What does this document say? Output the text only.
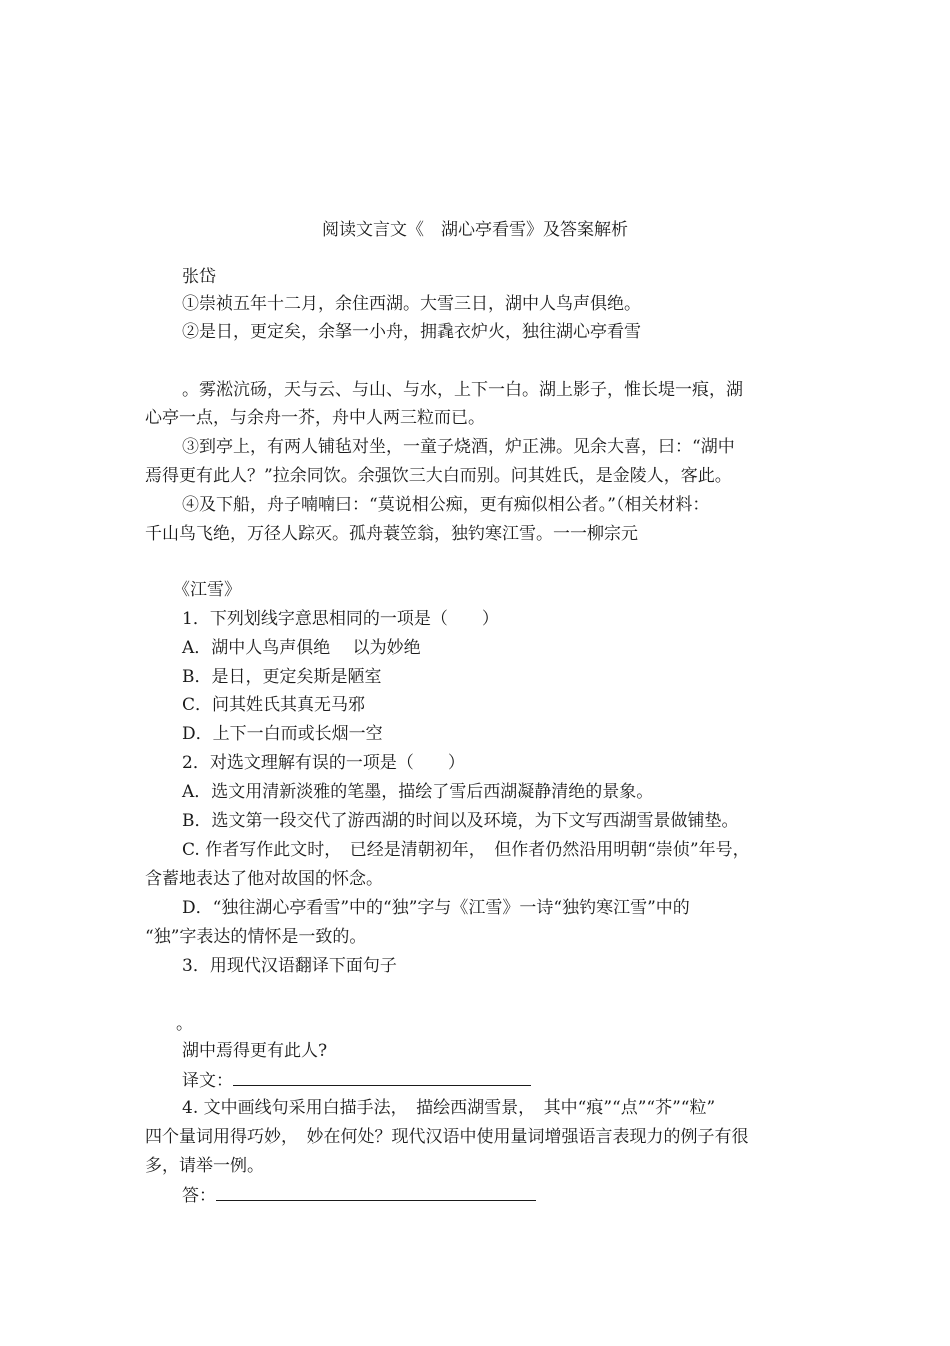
阅读文言文《　湖心亭看雪》及答案解析
张岱
①崇祯五年十二月，余住西湖。大雪三日，湖中人鸟声俱绝。
②是日，更定矣，余拏一小舟，拥毳衣炉火，独往湖心亭看雪
。雾淞沆砀，天与云、与山、与水，上下一白。湖上影子，惟长堤一痕，湖
心亭一点，与余舟一芥，舟中人两三粒而已。
③到亭上，有两人铺毡对坐，一童子烧酒，炉正沸。见余大喜，曰：“湖中
焉得更有此人？”拉余同饮。余强饮三大白而别。问其姓氏，是金陵人，客此。
④及下船，舟子喃喃曰：“莫说相公痴，更有痴似相公者。”（相关材料：
千山鸟飞绝，万径人踪灭。孤舟蓑笠翁，独钓寒江雪。一一柳宗元
《江雪》
1．下列划线字意思相同的一项是（　　）
A．湖中人鸟声俱绝　 以为妙绝
B．是日，更定矣斯是陋室
C．问其姓氏其真无马邪
D．上下一白而或长烟一空
2．对选文理解有误的一项是（　　）
A．选文用清新淡雅的笔墨，描绘了雪后西湖凝静清绝的景象。
B．选文第一段交代了游西湖的时间以及环境，为下文写西湖雪景做铺垫。
C. 作者写作此文时，　已经是清朝初年，　但作者仍然沿用明朝“崇侦”年号，
含蓄地表达了他对故国的怀念。
D．“独往湖心亭看雪”中的“独”字与《江雪》一诗“独钓寒江雪”中的
“独”字表达的情怀是一致的。
3．用现代汉语翻译下面句子
。
湖中焉得更有此人?
译文：
4. 文中画线句采用白描手法，　描绘西湖雪景，　其中“痕”“点”“芥”“粒”
四个量词用得巧妙，　妙在何处？现代汉语中使用量词增强语言表现力的例子有很
多，请举一例。
答：
